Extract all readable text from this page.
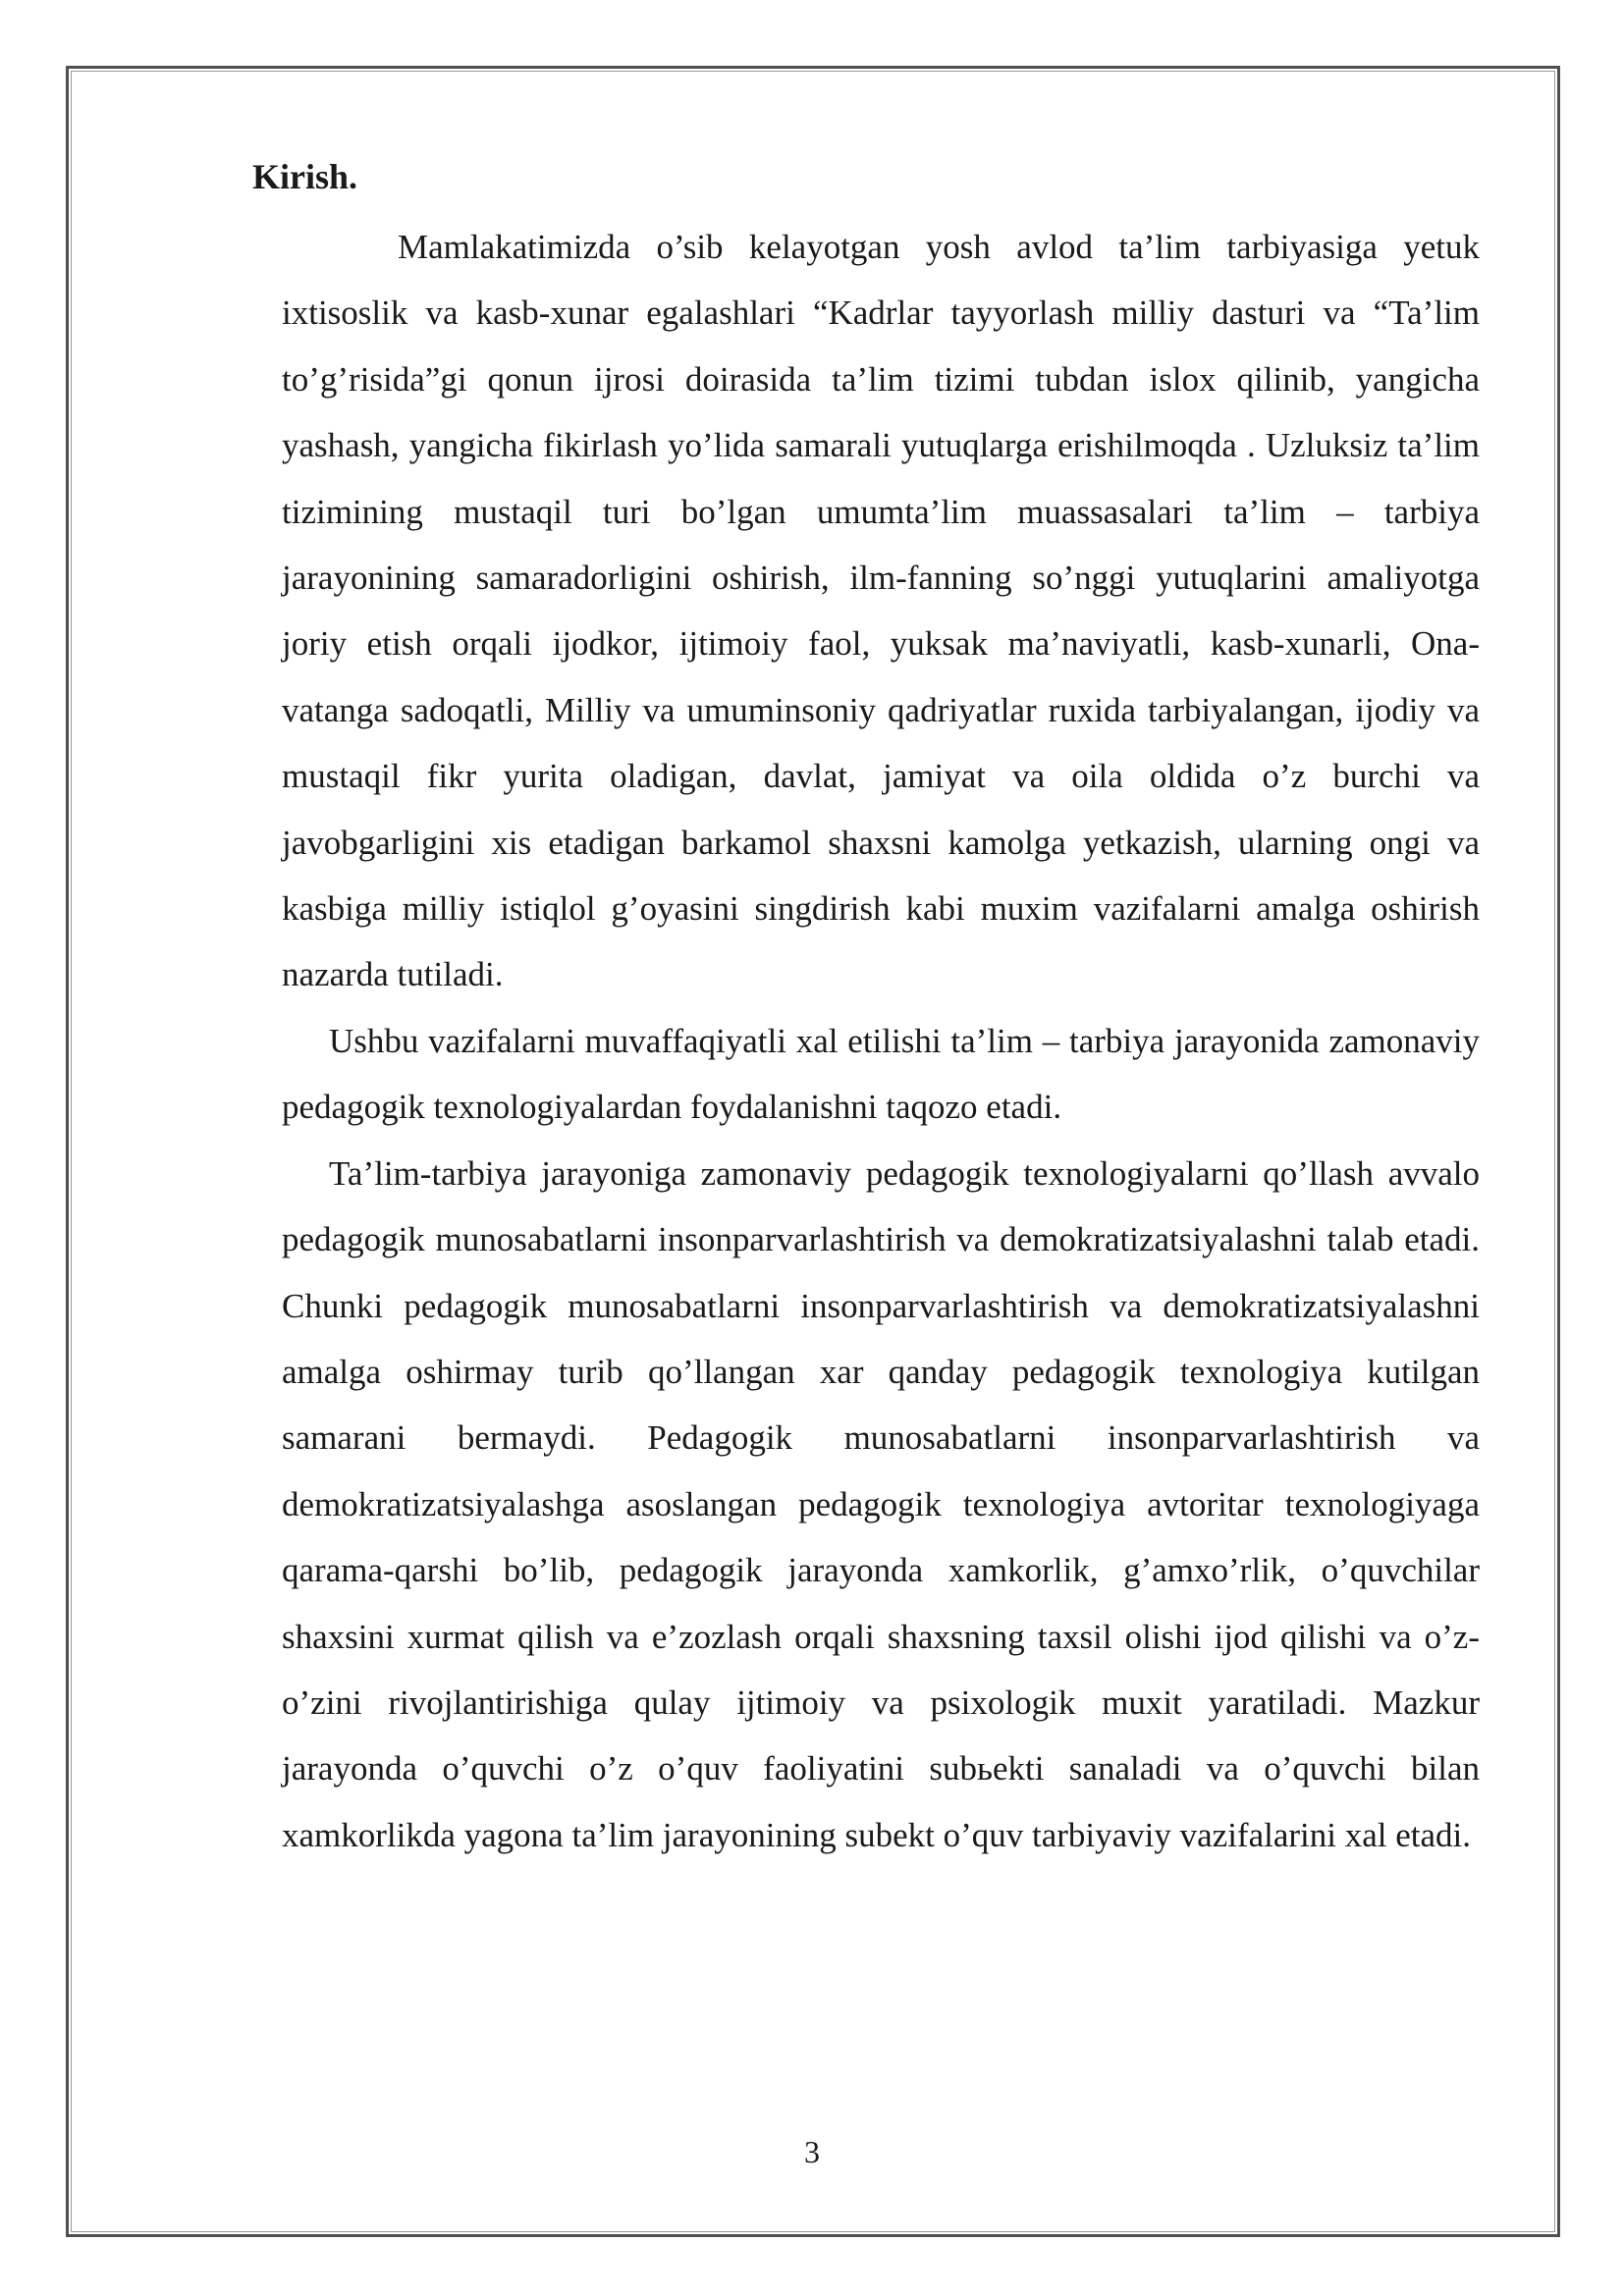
Kirish.

Mamlakatimizda o’sib kelayotgan yosh avlod ta’lim tarbiyasiga yetuk ixtisoslik va kasb-xunar egalashlari “Kadrlar tayyorlash milliy dasturi va “Ta’lim to’g’risida”gi qonun ijrosi doirasida ta’lim tizimi tubdan islox qilinib, yangicha yashash, yangicha fikirlash yo’lida samarali yutuqlarga erishilmoqda . Uzluksiz ta’lim tizimining mustaqil turi bo’lgan umumta’lim muassasalari ta’lim – tarbiya jarayonining samaradorligini oshirish, ilm-fanning so’nggi yutuqlarini amaliyotga joriy etish orqali ijodkor, ijtimoiy faol, yuksak ma’naviyatli, kasb-xunarli, Ona-vatanga sadoqatli, Milliy va umuminsoniy qadriyatlar ruxida tarbiyalangan, ijodiy va mustaqil fikr yurita oladigan, davlat, jamiyat va oila oldida o’z burchi va javobgarligini xis etadigan barkamol shaxsni kamolga yetkazish, ularning ongi va kasbiga milliy istiqlol g’oyasini singdirish kabi muxim vazifalarni amalga oshirish nazarda tutiladi.

Ushbu vazifalarni muvaffaqiyatli xal etilishi ta’lim – tarbiya jarayonida zamonaviy pedagogik texnologiyalardan foydalanishni taqozo etadi.

Ta’lim-tarbiya jarayoniga zamonaviy pedagogik texnologiyalarni qo’llash avvalo pedagogik munosabatlarni insonparvarlashtirish va demokratizatsiyalashni talab etadi. Chunki pedagogik munosabatlarni insonparvarlashtirish va demokratizatsiyalashni amalga oshirmay turib qo’llangan xar qanday pedagogik texnologiya kutilgan samarani bermaydi. Pedagogik munosabatlarni insonparvarlashtirish va demokratizatsiyalashga asoslangan pedagogik texnologiya avtoritar texnologiyaga qarama-qarshi bo’lib, pedagogik jarayonda xamkorlik, g’amxo’rlik, o’quvchilar shaxsini xurmat qilish va e’zozlash orqali shaxsning taxsil olishi ijod qilishi va o’z-o’zini rivojlantirishiga qulay ijtimoiy va psixologik muxit yaratiladi. Mazkur jarayonda o’quvchi o’z o’quv faoliyatini subьekti sanaladi va o’quvchi bilan xamkorlikda yagona ta’lim jarayonining subekt o’quv tarbiyaviy vazifalarini xal etadi.

3
